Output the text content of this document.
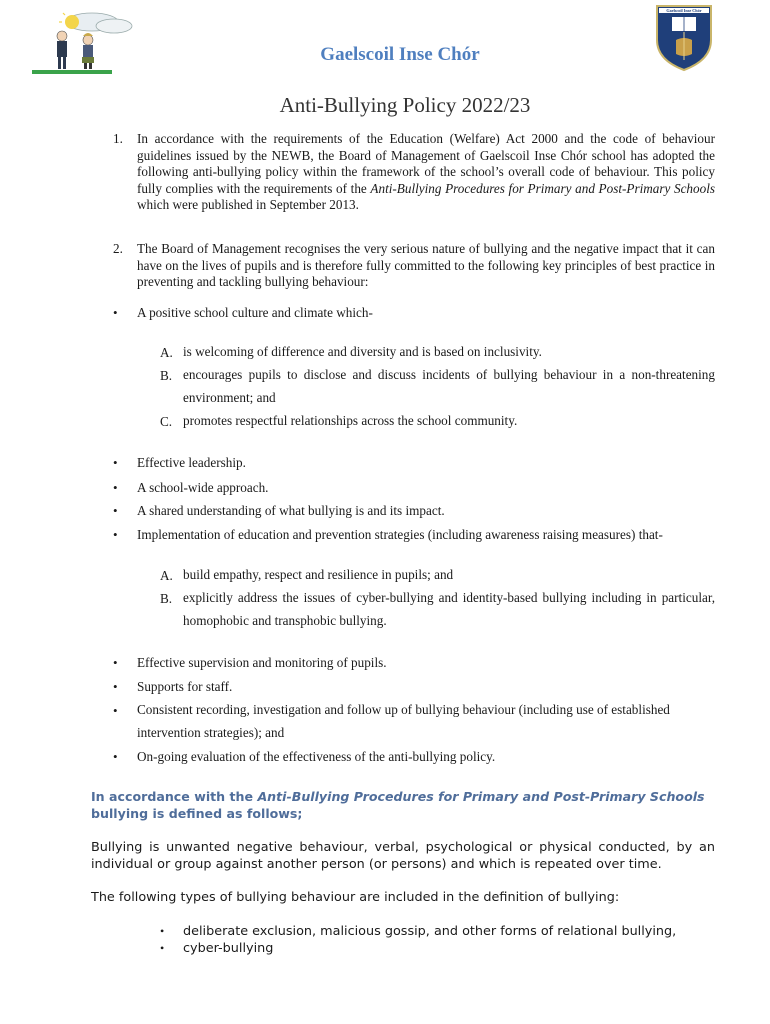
Gaelscoil Inse Chór
Gaelscoil Inse Chór
Anti-Bullying Policy 2022/23
1. In accordance with the requirements of the Education (Welfare) Act 2000 and the code of behaviour guidelines issued by the NEWB, the Board of Management of Gaelscoil Inse Chór school has adopted the following anti-bullying policy within the framework of the school’s overall code of behaviour. This policy fully complies with the requirements of the Anti-Bullying Procedures for Primary and Post-Primary Schools which were published in September 2013.
2. The Board of Management recognises the very serious nature of bullying and the negative impact that it can have on the lives of pupils and is therefore fully committed to the following key principles of best practice in preventing and tackling bullying behaviour:
• A positive school culture and climate which-
A. is welcoming of difference and diversity and is based on inclusivity.
B. encourages pupils to disclose and discuss incidents of bullying behaviour in a non-threatening environment; and
C. promotes respectful relationships across the school community.
• Effective leadership.
• A school-wide approach.
• A shared understanding of what bullying is and its impact.
• Implementation of education and prevention strategies (including awareness raising measures) that-
A. build empathy, respect and resilience in pupils; and
B. explicitly address the issues of cyber-bullying and identity-based bullying including in particular, homophobic and transphobic bullying.
• Effective supervision and monitoring of pupils.
• Supports for staff.
• Consistent recording, investigation and follow up of bullying behaviour (including use of established intervention strategies); and
• On-going evaluation of the effectiveness of the anti-bullying policy.
In accordance with the Anti-Bullying Procedures for Primary and Post-Primary Schools bullying is defined as follows;
Bullying is unwanted negative behaviour, verbal, psychological or physical conducted, by an individual or group against another person (or persons) and which is repeated over time.
The following types of bullying behaviour are included in the definition of bullying:
• deliberate exclusion, malicious gossip, and other forms of relational bullying,
• cyber-bullying
